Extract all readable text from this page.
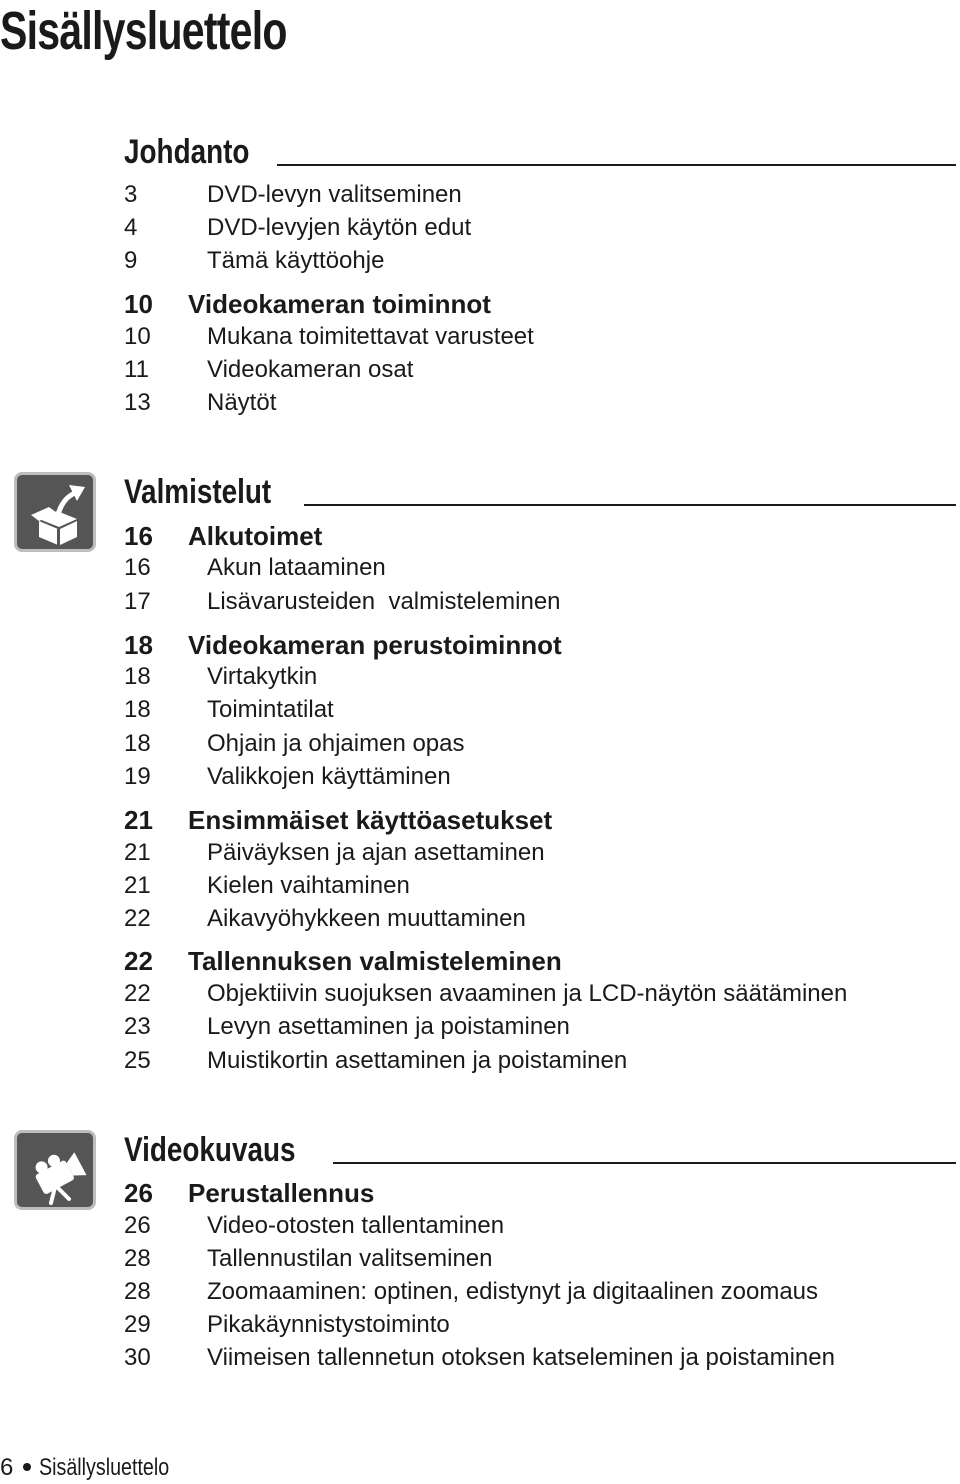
Sisällysluettelo
Johdanto
3	DVD-levyn valitseminen
4	DVD-levyjen käytön edut
9	Tämä käyttöohje
10 Videokameran toiminnot
10 Mukana toimitettavat varusteet
11 Videokameran osat
13 Näytöt
Valmistelut
16 Alkutoimet
16 Akun lataaminen
17 Lisävarusteiden  valmisteleminen
18 Videokameran perustoiminnot
18 Virtakytkin
18 Toimintatilat
18 Ohjain ja ohjaimen opas
19 Valikkojen käyttäminen
21 Ensimmäiset käyttöasetukset
21 Päiväyksen ja ajan asettaminen
21 Kielen vaihtaminen
22 Aikavyöhykkeen muuttaminen
22 Tallennuksen valmisteleminen
22 Objektiivin suojuksen avaaminen ja LCD-näytön säätäminen
23 Levyn asettaminen ja poistaminen
25 Muistikortin asettaminen ja poistaminen
Videokuvaus
26 Perustallennus
26 Video-otosten tallentaminen
28 Tallennustilan valitseminen
28 Zoomaaminen: optinen, edistynyt ja digitaalinen zoomaus
29 Pikakäynnistystoiminto
30 Viimeisen tallennetun otoksen katseleminen ja poistaminen
6 Sisällysluettelo
